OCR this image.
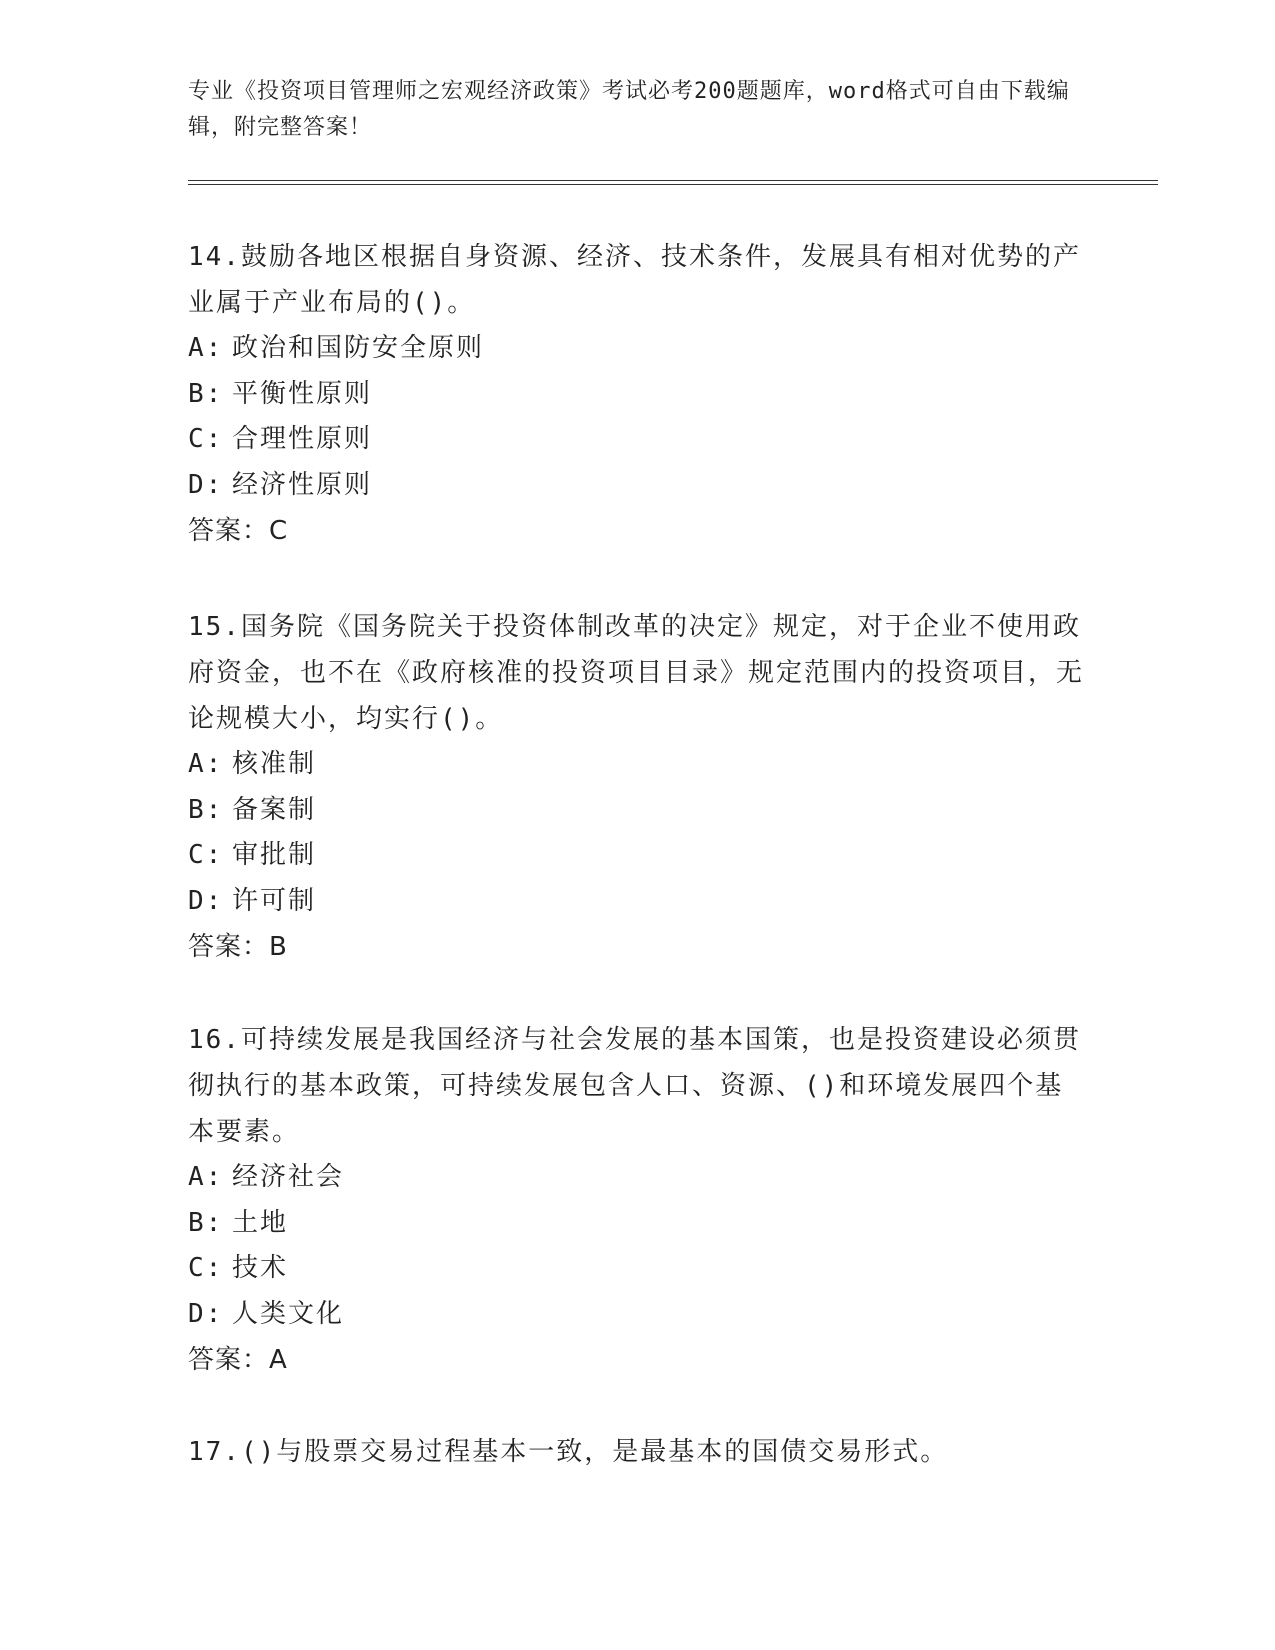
专业《投资项目管理师之宏观经济政策》考试必考200题题库，word格式可自由下载编辑，附完整答案！
14.鼓励各地区根据自身资源、经济、技术条件，发展具有相对优势的产业属于产业布局的()。
A: 政治和国防安全原则
B: 平衡性原则
C: 合理性原则
D: 经济性原则
答案：C
15.国务院《国务院关于投资体制改革的决定》规定，对于企业不使用政府资金，也不在《政府核准的投资项目目录》规定范围内的投资项目，无论规模大小，均实行()。
A: 核准制
B: 备案制
C: 审批制
D: 许可制
答案：B
16.可持续发展是我国经济与社会发展的基本国策，也是投资建设必须贯彻执行的基本政策，可持续发展包含人口、资源、()和环境发展四个基本要素。
A: 经济社会
B: 土地
C: 技术
D: 人类文化
答案：A
17.()与股票交易过程基本一致，是最基本的国债交易形式。
